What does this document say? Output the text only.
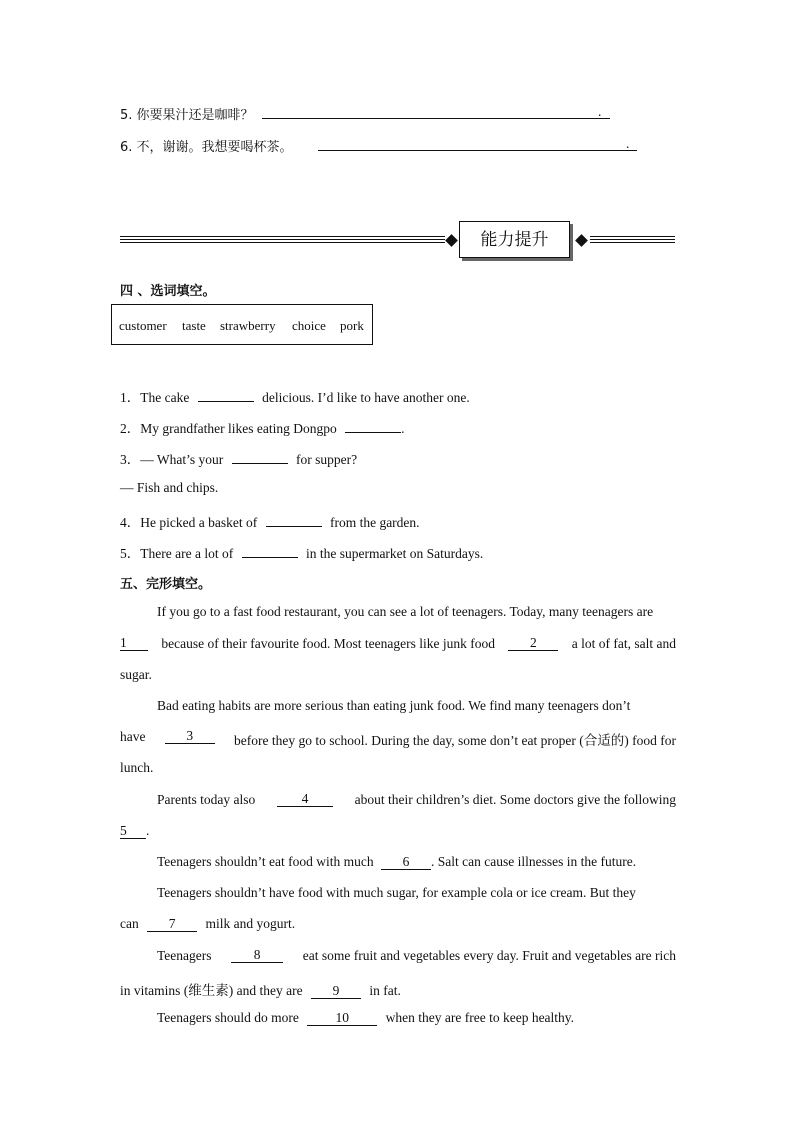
5. 你要果汁还是咖啡？	.
6. 不，谢谢。我想要喝杯茶。	.
能力提升
四 、选词填空。
customer taste strawberry choice pork
1．The cake	delicious. I’d like to have another one.
2．My grandfather likes eating Dongpo	.
3．— What’s your	for supper?
— Fish and chips.
4．He picked a basket of	from the garden.
5．There are a lot of	in the supermarket on Saturdays.
五、完形填空。
If you go to a fast food restaurant, you can see a lot of teenagers. Today, many teenagers are
1	because of their favourite food. Most teenagers like junk food	2	a lot of fat, salt and
sugar.
Bad eating habits are more serious than eating junk food. We find many teenagers don’t
have	3	before they go to school. During the day, some don’t eat proper (合适的) food for
lunch.
Parents today also	4	about their children’s diet. Some doctors give the following
5 .
Teenagers shouldn’t eat food with much 6 . Salt can cause illnesses in the future.
Teenagers shouldn’t have food with much sugar, for example cola or ice cream. But they
can 7 milk and yogurt.
Teenagers	8	eat some fruit and vegetables every day. Fruit and vegetables are rich
in vitamins (维生素) and they are 9 in fat.
Teenagers should do more	10	when they are free to keep healthy.
